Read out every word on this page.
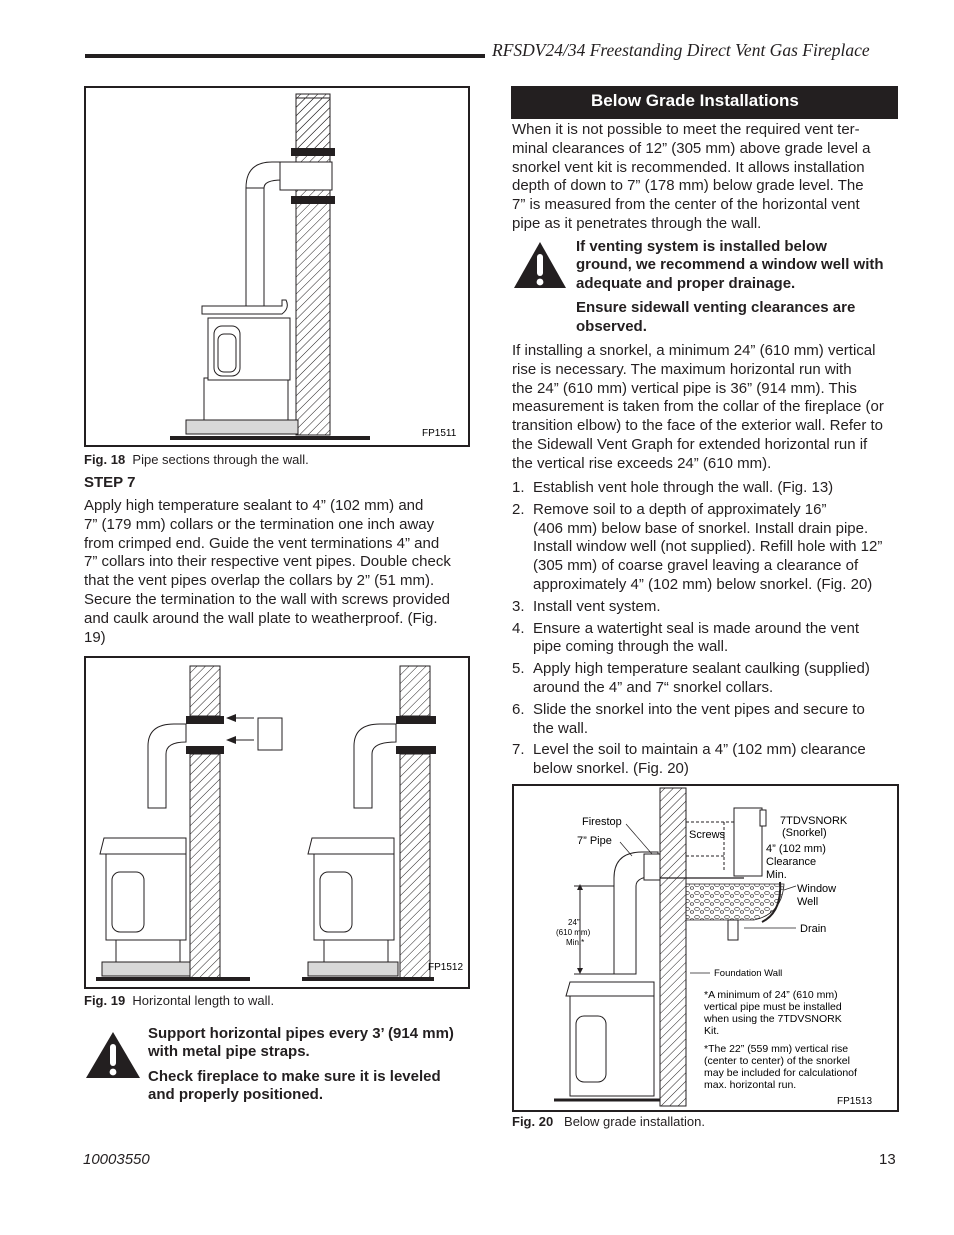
RFSDV24/34 Freestanding Direct Vent Gas Fireplace
FP1511
Fig. 18 Pipe sections through the wall.
STEP 7
Apply high temperature sealant to 4” (102 mm) and
7” (179 mm) collars or the termination one inch away
from crimped end. Guide the vent terminations 4” and
7” collars into their respective vent pipes. Double check
that the vent pipes overlap the collars by 2” (51 mm).
Secure the termination to the wall with screws provided
and caulk around the wall plate to weatherproof. (Fig.
19)
FP1512
Fig. 19 Horizontal length to wall.
Support horizontal pipes every 3’ (914 mm)
with metal pipe straps.
Check fireplace to make sure it is leveled
and properly positioned.
Below Grade Installations
When it is not possible to meet the required vent ter-
minal clearances of 12” (305 mm) above grade level a
snorkel vent kit is recommended. It allows installation
depth of down to 7” (178 mm) below grade level. The
7” is measured from the center of the horizontal vent
pipe as it penetrates through the wall.
If venting system is installed below
ground, we recommend a window well with
adequate and proper drainage.
Ensure sidewall venting clearances are
observed.
If installing a snorkel, a minimum 24” (610 mm) vertical
rise is necessary. The maximum horizontal run with
the 24” (610 mm) vertical pipe is 36” (914 mm). This
measurement is taken from the collar of the fireplace (or
transition elbow) to the face of the exterior wall. Refer to
the Sidewall Vent Graph for extended horizontal run if
the vertical rise exceeds 24” (610 mm).
1. Establish vent hole through the wall. (Fig. 13)
2. Remove soil to a depth of approximately 16”
(406 mm) below base of snorkel. Install drain pipe.
Install window well (not supplied). Refill hole with 12”
(305 mm) of coarse gravel leaving a clearance of
approximately 4” (102 mm) below snorkel. (Fig. 20)
3. Install vent system.
4. Ensure a watertight seal is made around the vent
pipe coming through the wall.
5. Apply high temperature sealant caulking (supplied)
around the 4” and 7“ snorkel collars.
6. Slide the snorkel into the vent pipes and secure to
the wall.
7. Level the soil to maintain a 4” (102 mm) clearance
below snorkel. (Fig. 20)
Firestop
7” Pipe	Screws
7TDVSNORK
(Snorkel)
4” (102 mm)
Clearance
Min.
Window
Well
Drain
24”
(610 mm)
Min.*
Foundation Wall
*A minimum of 24” (610 mm)
vertical pipe must be installed
when using the 7TDVSNORK
Kit.
*The 22” (559 mm) vertical rise
(center to center) of the snorkel
may be included for calculationof
max. horizontal run.
FP1513
Fig. 20 Below grade installation.
10003550	13
